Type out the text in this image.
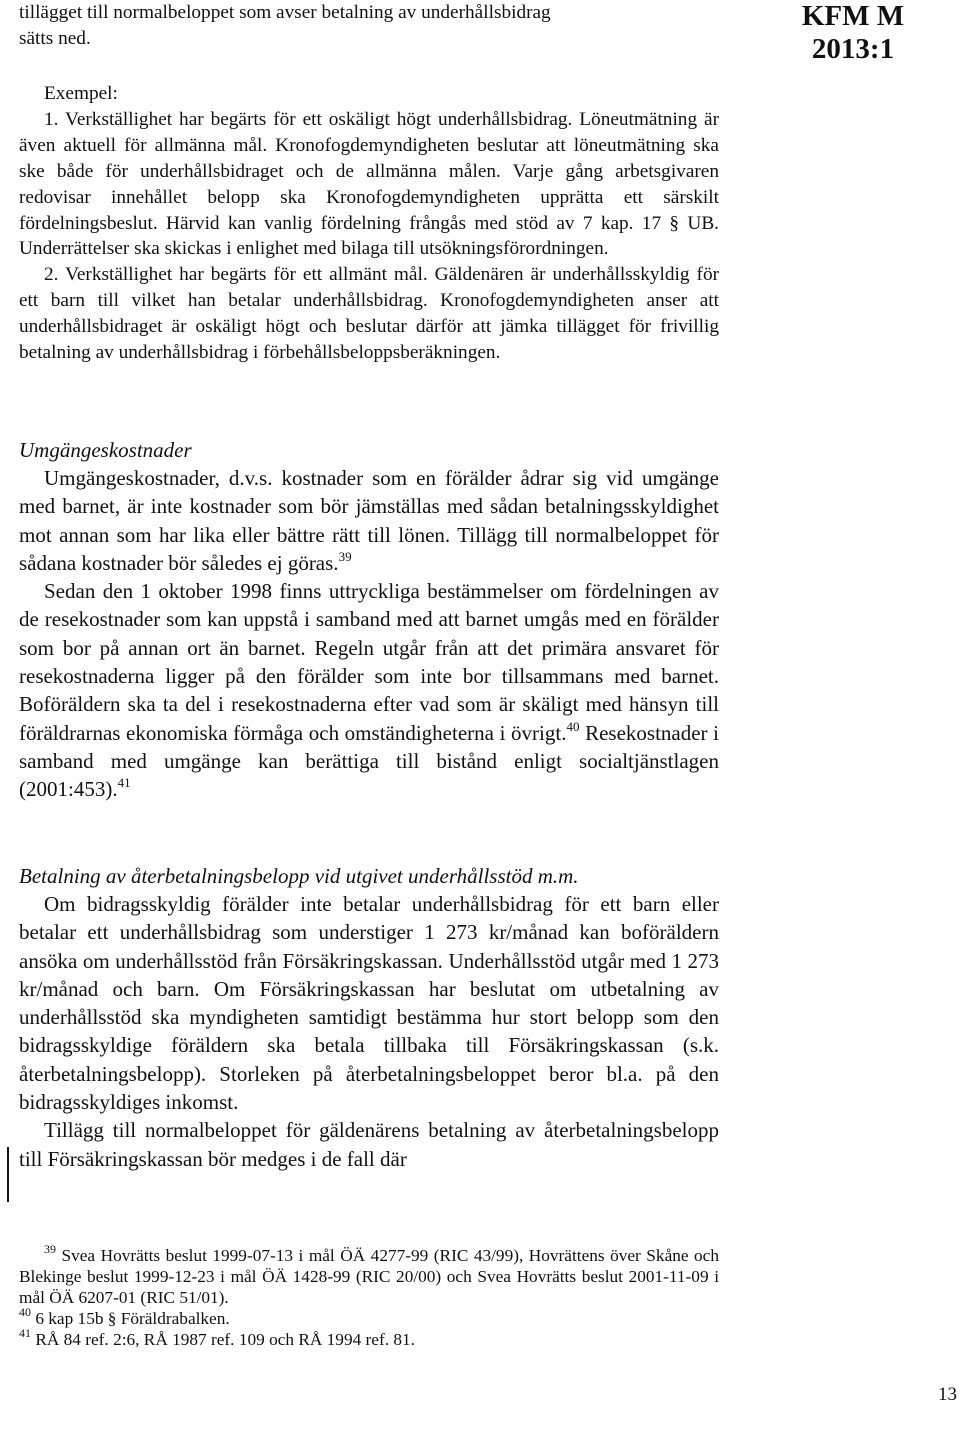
KFM M
2013:1
tillägget till normalbeloppet som avser betalning av underhållsbidrag
sätts ned.

Exempel:

1. Verkställighet har begärts för ett oskäligt högt underhållsbidrag. Löneutmätning är även aktuell för allmänna mål. Kronofogdemyndigheten beslutar att löneutmätning ska ske både för underhållsbidraget och de allmänna målen. Varje gång arbetsgivaren redovisar innehållet belopp ska Kronofogdemyndigheten upprätta ett särskilt fördelningsbeslut. Härvid kan vanlig fördelning frångås med stöd av 7 kap. 17 § UB. Underrättelser ska skickas i enlighet med bilaga till utsökningsförordningen.

2. Verkställighet har begärts för ett allmänt mål. Gäldenären är underhållsskyldig för ett barn till vilket han betalar underhållsbidrag. Kronofogdemyndigheten anser att underhållsbidraget är oskäligt högt och beslutar därför att jämka tillägget för frivillig betalning av underhållsbidrag i förbehållsbeloppsberäkningen.

Umgängeskostnader

Umgängeskostnader, d.v.s. kostnader som en förälder ådrar sig vid umgänge med barnet, är inte kostnader som bör jämställas med sådan betalningsskyldighet mot annan som har lika eller bättre rätt till lönen. Tillägg till normalbeloppet för sådana kostnader bör således ej göras.$^{39}$

Sedan den 1 oktober 1998 finns uttryckliga bestämmelser om fördelningen av de resekostnader som kan uppstå i samband med att barnet umgås med en förälder som bor på annan ort än barnet. Regeln utgår från att det primära ansvaret för resekostnaderna ligger på den förälder som inte bor tillsammans med barnet. Boföräldern ska ta del i resekostnaderna efter vad som är skäligt med hänsyn till föräldrarnas ekonomiska förmåga och omständigheterna i övrigt.$^{40}$ Resekostnader i samband med umgänge kan berättiga till bistånd enligt socialtjänstlagen (2001:453).$^{41}$

Betalning av återbetalningsbelopp vid utgivet underhållsstöd m.m.

Om bidragsskyldig förälder inte betalar underhållsbidrag för ett barn eller betalar ett underhållsbidrag som understiger 1 273 kr/månad kan boföräldern ansöka om underhållsstöd från Försäkringskassan. Underhållsstöd utgår med 1 273 kr/månad och barn. Om Försäkringskassan har beslutat om utbetalning av underhållsstöd ska myndigheten samtidigt bestämma hur stort belopp som den bidragsskyldige föräldern ska betala tillbaka till Försäkringskassan (s.k. återbetalningsbelopp). Storleken på återbetalningsbeloppet beror bl.a. på den bidragsskyldiges inkomst.

Tillägg till normalbeloppet för gäldenärens betalning av återbetalningsbelopp till Försäkringskassan bör medges i de fall där

$^{39}$ Svea Hovrätts beslut 1999-07-13 i mål ÖÄ 4277-99 (RIC 43/99), Hovrättens över Skåne och Blekinge beslut 1999-12-23 i mål ÖÄ 1428-99 (RIC 20/00) och Svea Hovrätts beslut 2001-11-09 i mål ÖÄ 6207-01 (RIC 51/01).

$^{40}$ 6 kap 15b § Föräldrabalken.

$^{41}$ RÅ 84 ref. 2:6, RÅ 1987 ref. 109 och RÅ 1994 ref. 81.

13
